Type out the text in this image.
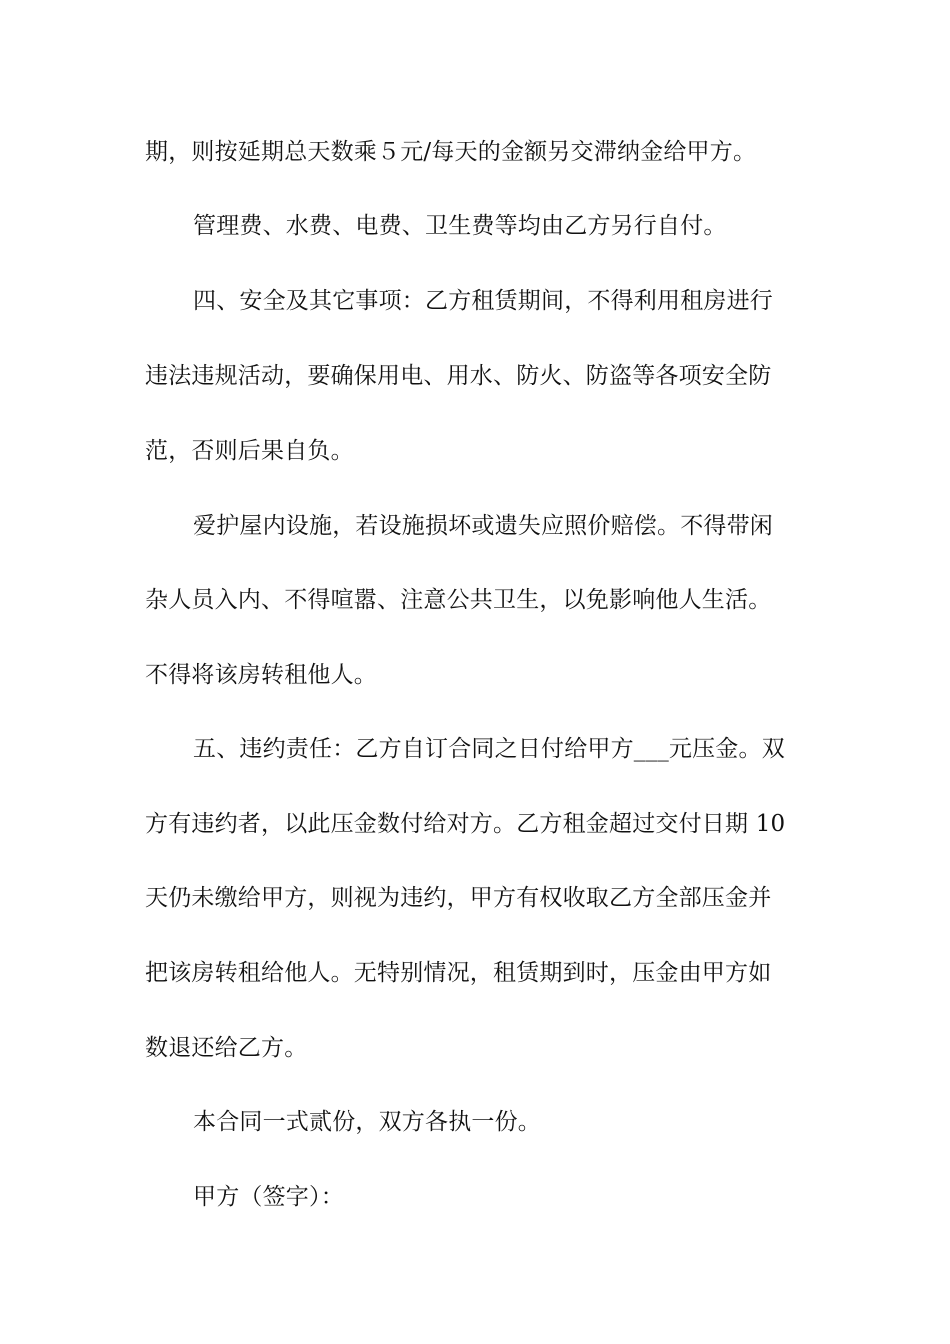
期，则按延期总天数乘５元/每天的金额另交滞纳金给甲方。
管理费、水费、电费、卫生费等均由乙方另行自付。
四、安全及其它事项：乙方租赁期间，不得利用租房进行
违法违规活动，要确保用电、用水、防火、防盗等各项安全防
范，否则后果自负。
爱护屋内设施，若设施损坏或遗失应照价赔偿。不得带闲
杂人员入内、不得喧嚣、注意公共卫生，以免影响他人生活。
不得将该房转租他人。
五、违约责任：乙方自订合同之日付给甲方___元压金。双
方有违约者，以此压金数付给对方。乙方租金超过交付日期 10
天仍未缴给甲方，则视为违约，甲方有权收取乙方全部压金并
把该房转租给他人。无特别情况，租赁期到时，压金由甲方如
数退还给乙方。
本合同一式贰份，双方各执一份。
甲方（签字）：
